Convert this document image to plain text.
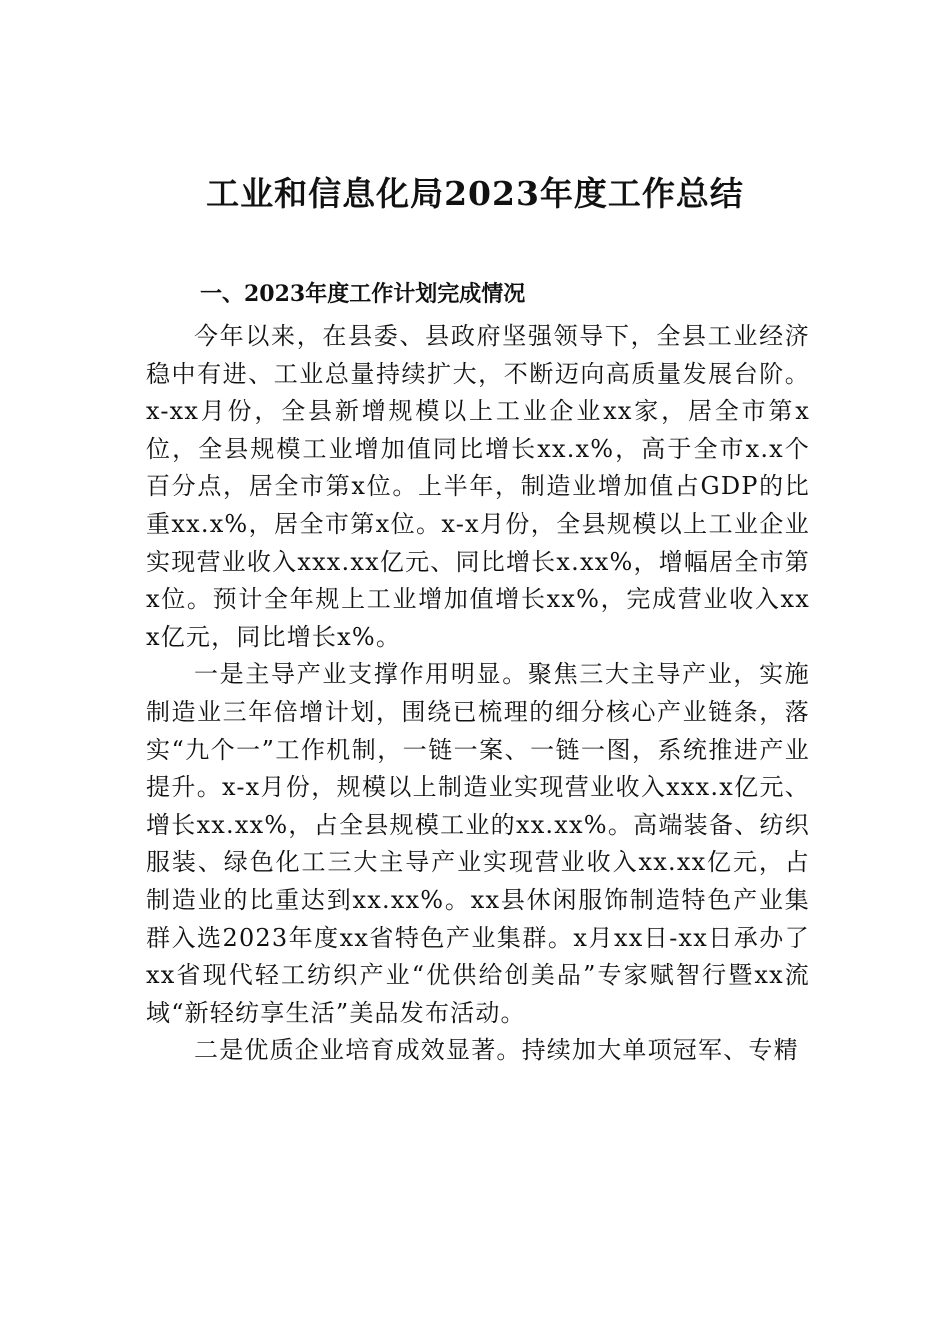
工业和信息化局2023年度工作总结
一、2023年度工作计划完成情况

今年以来，在县委、县政府坚强领导下，全县工业经济稳中有进、工业总量持续扩大，不断迈向高质量发展台阶。x-xx月份，全县新增规模以上工业企业xx家，居全市第x位，全县规模工业增加值同比增长xx.x%，高于全市x.x个百分点，居全市第x位。上半年，制造业增加值占GDP的比重xx.x%，居全市第x位。x-x月份，全县规模以上工业企业实现营业收入xxx.xx亿元、同比增长x.xx%，增幅居全市第x位。预计全年规上工业增加值增长xx%，完成营业收入xxx亿元，同比增长x%。

一是主导产业支撑作用明显。聚焦三大主导产业，实施制造业三年倍增计划，围绕已梳理的细分核心产业链条，落实“九个一”工作机制，一链一案、一链一图，系统推进产业提升。x-x月份，规模以上制造业实现营业收入xxx.x亿元、增长xx.xx%，占全县规模工业的xx.xx%。高端装备、纺织服装、绿色化工三大主导产业实现营业收入xx.xx亿元，占制造业的比重达到xx.xx%。xx县休闲服饰制造特色产业集群入选2023年度xx省特色产业集群。x月xx日-xx日承办了xx省现代轻工纺织产业“优供给创美品”专家赋智行暨xx流域“新轻纺享生活”美品发布活动。

二是优质企业培育成效显著。持续加大单项冠军、专精
